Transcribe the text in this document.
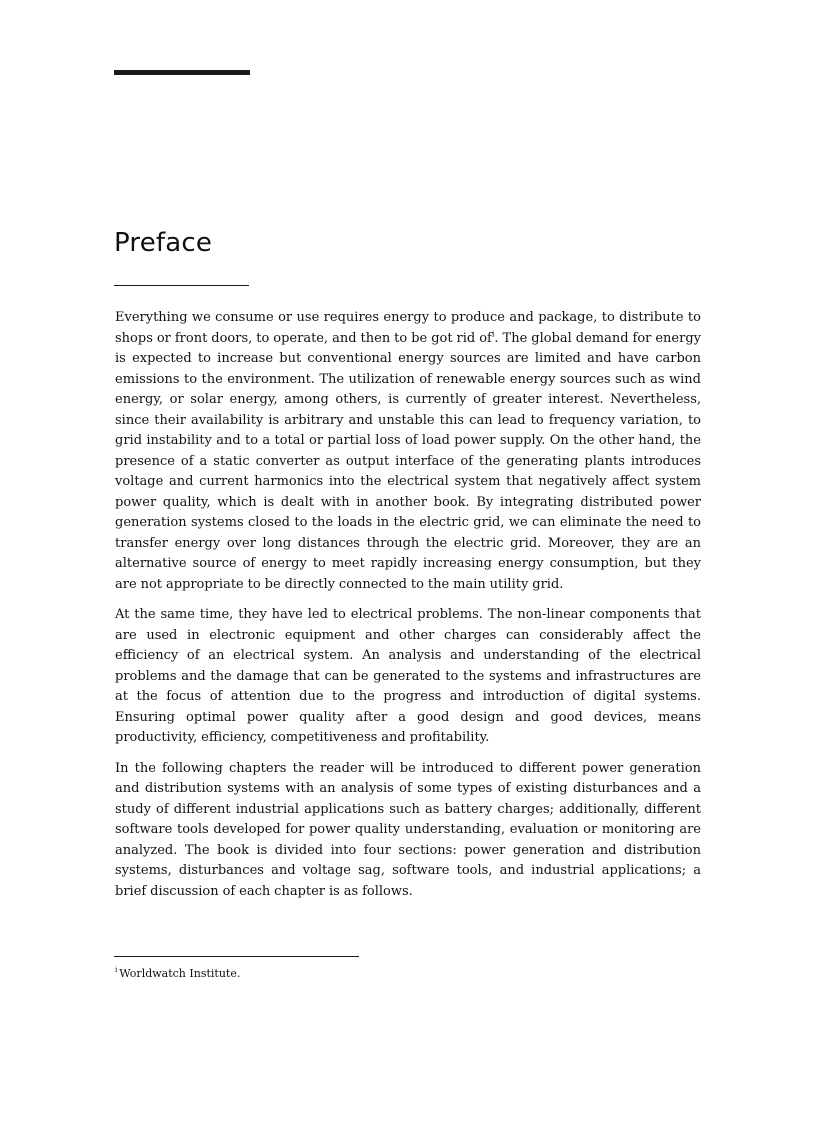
Preface

Everything we consume or use requires energy to produce and package, to distribute to shops or front doors, to operate, and then to be got rid of$^i$. The global demand for energy is expected to increase but conventional energy sources are limited and have carbon emissions to the environment. The utilization of renewable energy sources such as wind energy, or solar energy, among others, is currently of greater interest. Nevertheless, since their availability is arbitrary and unstable this can lead to frequency variation, to grid instability and to a total or partial loss of load power supply. On the other hand, the presence of a static converter as output interface of the generating plants introduces voltage and current harmonics into the electrical system that negatively affect system power quality, which is dealt with in another book. By integrating distributed power generation systems closed to the loads in the electric grid, we can eliminate the need to transfer energy over long distances through the electric grid. Moreover, they are an alternative source of energy to meet rapidly increasing energy consumption, but they are not appropriate to be directly connected to the main utility grid.

At the same time, they have led to electrical problems. The non-linear components that are used in electronic equipment and other charges can considerably affect the efficiency of an electrical system. An analysis and understanding of the electrical problems and the damage that can be generated to the systems and infrastructures are at the focus of attention due to the progress and introduction of digital systems. Ensuring optimal power quality after a good design and good devices, means productivity, efficiency, competitiveness and profitability.

In the following chapters the reader will be introduced to different power generation and distribution systems with an analysis of some types of existing disturbances and a study of different industrial applications such as battery charges; additionally, different software tools developed for power quality understanding, evaluation or monitoring are analyzed. The book is divided into four sections: power generation and distribution systems, disturbances and voltage sag, software tools, and industrial applications; a brief discussion of each chapter is as follows.

$^i$ Worldwatch Institute.
